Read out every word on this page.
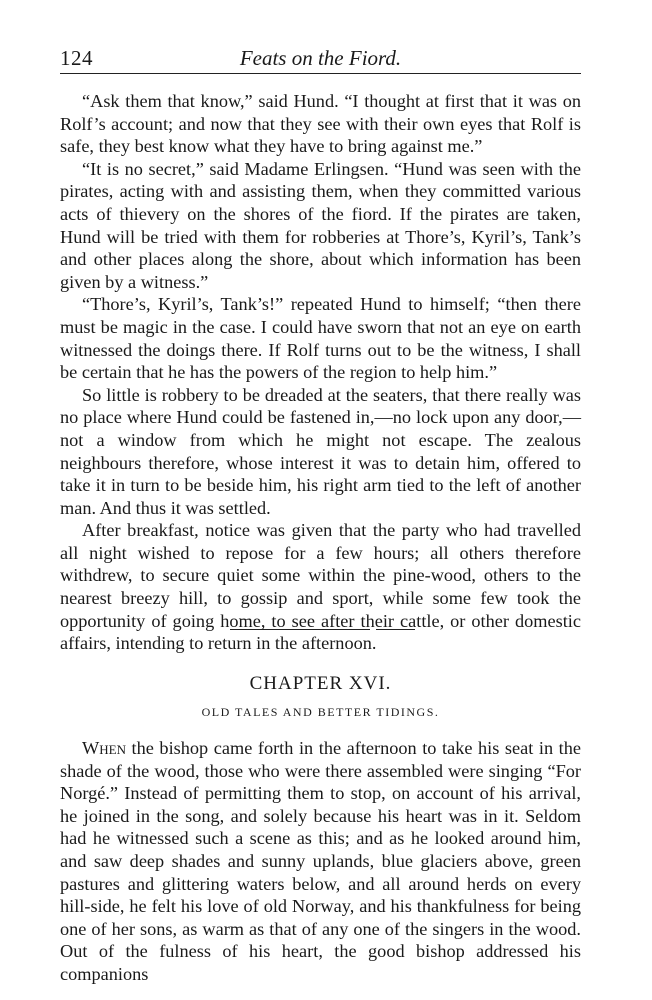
124	Feats on the Fiord.

“Ask them that know,” said Hund. “I thought at first that it was on Rolf’s account; and now that they see with their own eyes that Rolf is safe, they best know what they have to bring against me.”

“It is no secret,” said Madame Erlingsen. “Hund was seen with the pirates, acting with and assisting them, when they committed various acts of thievery on the shores of the fiord. If the pirates are taken, Hund will be tried with them for robberies at Thore’s, Kyril’s, Tank’s and other places along the shore, about which information has been given by a witness.”

“Thore’s, Kyril’s, Tank’s!” repeated Hund to himself; “then there must be magic in the case. I could have sworn that not an eye on earth witnessed the doings there. If Rolf turns out to be the witness, I shall be certain that he has the powers of the region to help him.”

So little is robbery to be dreaded at the seaters, that there really was no place where Hund could be fastened in,—no lock upon any door,—not a window from which he might not escape. The zealous neighbours therefore, whose interest it was to detain him, offered to take it in turn to be beside him, his right arm tied to the left of another man. And thus it was settled.

After breakfast, notice was given that the party who had travelled all night wished to repose for a few hours; all others therefore withdrew, to secure quiet some within the pine-wood, others to the nearest breezy hill, to gossip and sport, while some few took the opportunity of going home, to see after their cattle, or other domestic affairs, intending to return in the afternoon.

CHAPTER XVI.
OLD TALES AND BETTER TIDINGS.

When the bishop came forth in the afternoon to take his seat in the shade of the wood, those who were there assembled were singing “For Norgé.” Instead of permitting them to stop, on account of his arrival, he joined in the song, and solely because his heart was in it. Seldom had he witnessed such a scene as this; and as he looked around him, and saw deep shades and sunny uplands, blue glaciers above, green pastures and glittering waters below, and all around herds on every hill-side, he felt his love of old Norway, and his thankfulness for being one of her sons, as warm as that of any one of the singers in the wood. Out of the fulness of his heart, the good bishop addressed his companions
